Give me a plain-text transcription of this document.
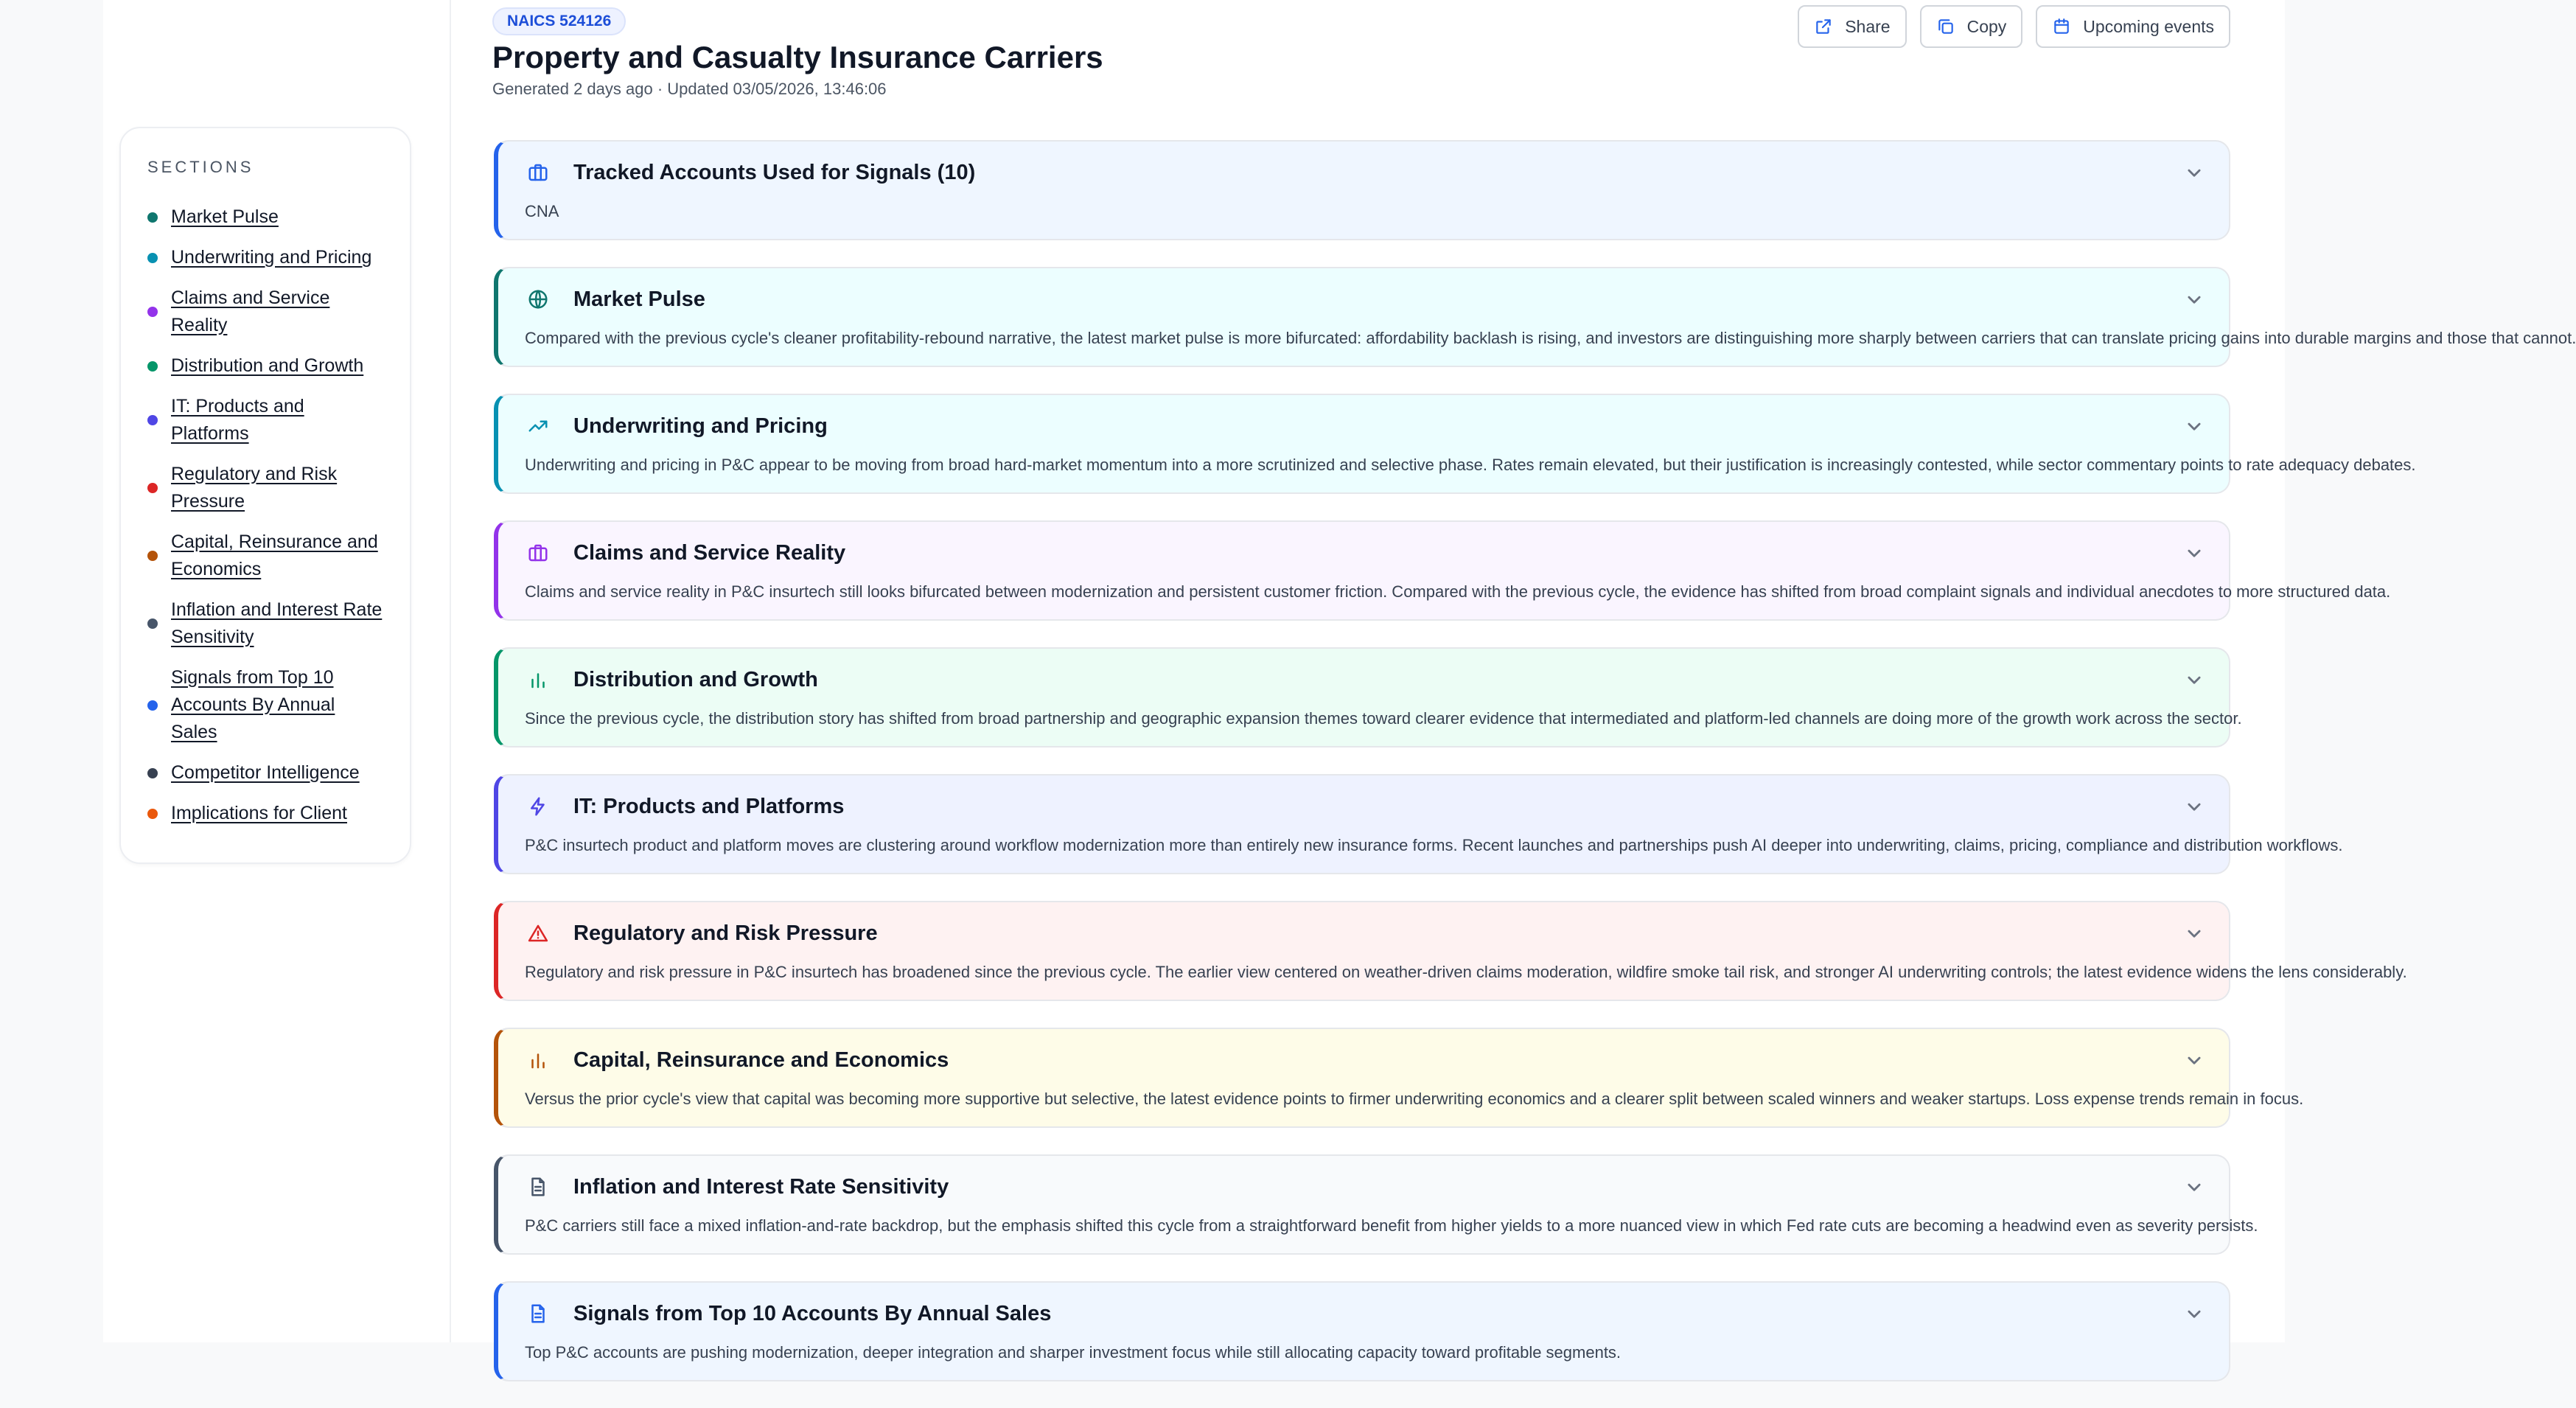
SECTIONS
Market Pulse
Underwriting and Pricing
Claims and Service Reality
Distribution and Growth
IT: Products and Platforms
Regulatory and Risk Pressure
Capital, Reinsurance and Economics
Inflation and Interest Rate Sensitivity
Signals from Top 10 Accounts By Annual Sales
Competitor Intelligence
Implications for Client
NAICS 524126
Property and Casualty Insurance Carriers
Generated 2 days ago · Updated 03/05/2026, 13:46:06
Share	Copy	Upcoming events
Tracked Accounts Used for Signals (10)
CNA
Market Pulse
Compared with the previous cycle's cleaner profitability-rebound narrative, the latest market pulse is more bifurcated: affordability backlash is rising, and investors are distinguishing more sharply between carriers that can translate pricing gains into durable margins and those that cannot.
Underwriting and Pricing
Underwriting and pricing in P&C appear to be moving from broad hard-market momentum into a more scrutinized and selective phase. Rates remain elevated, but their justification is increasingly contested, while sector commentary points to rate adequacy debates.
Claims and Service Reality
Claims and service reality in P&C insurtech still looks bifurcated between modernization and persistent customer friction. Compared with the previous cycle, the evidence has shifted from broad complaint signals and individual anecdotes to more structured data.
Distribution and Growth
Since the previous cycle, the distribution story has shifted from broad partnership and geographic expansion themes toward clearer evidence that intermediated and platform-led channels are doing more of the growth work across the sector.
IT: Products and Platforms
P&C insurtech product and platform moves are clustering around workflow modernization more than entirely new insurance forms. Recent launches and partnerships push AI deeper into underwriting, claims, pricing, compliance and distribution workflows.
Regulatory and Risk Pressure
Regulatory and risk pressure in P&C insurtech has broadened since the previous cycle. The earlier view centered on weather-driven claims moderation, wildfire smoke tail risk, and stronger AI underwriting controls; the latest evidence widens the lens considerably.
Capital, Reinsurance and Economics
Versus the prior cycle's view that capital was becoming more supportive but selective, the latest evidence points to firmer underwriting economics and a clearer split between scaled winners and weaker startups. Loss expense trends remain in focus.
Inflation and Interest Rate Sensitivity
P&C carriers still face a mixed inflation-and-rate backdrop, but the emphasis shifted this cycle from a straightforward benefit from higher yields to a more nuanced view in which Fed rate cuts are becoming a headwind even as severity persists.
Signals from Top 10 Accounts By Annual Sales
Top P&C accounts are pushing modernization, deeper integration and sharper investment focus while still allocating capacity toward profitable segments.
